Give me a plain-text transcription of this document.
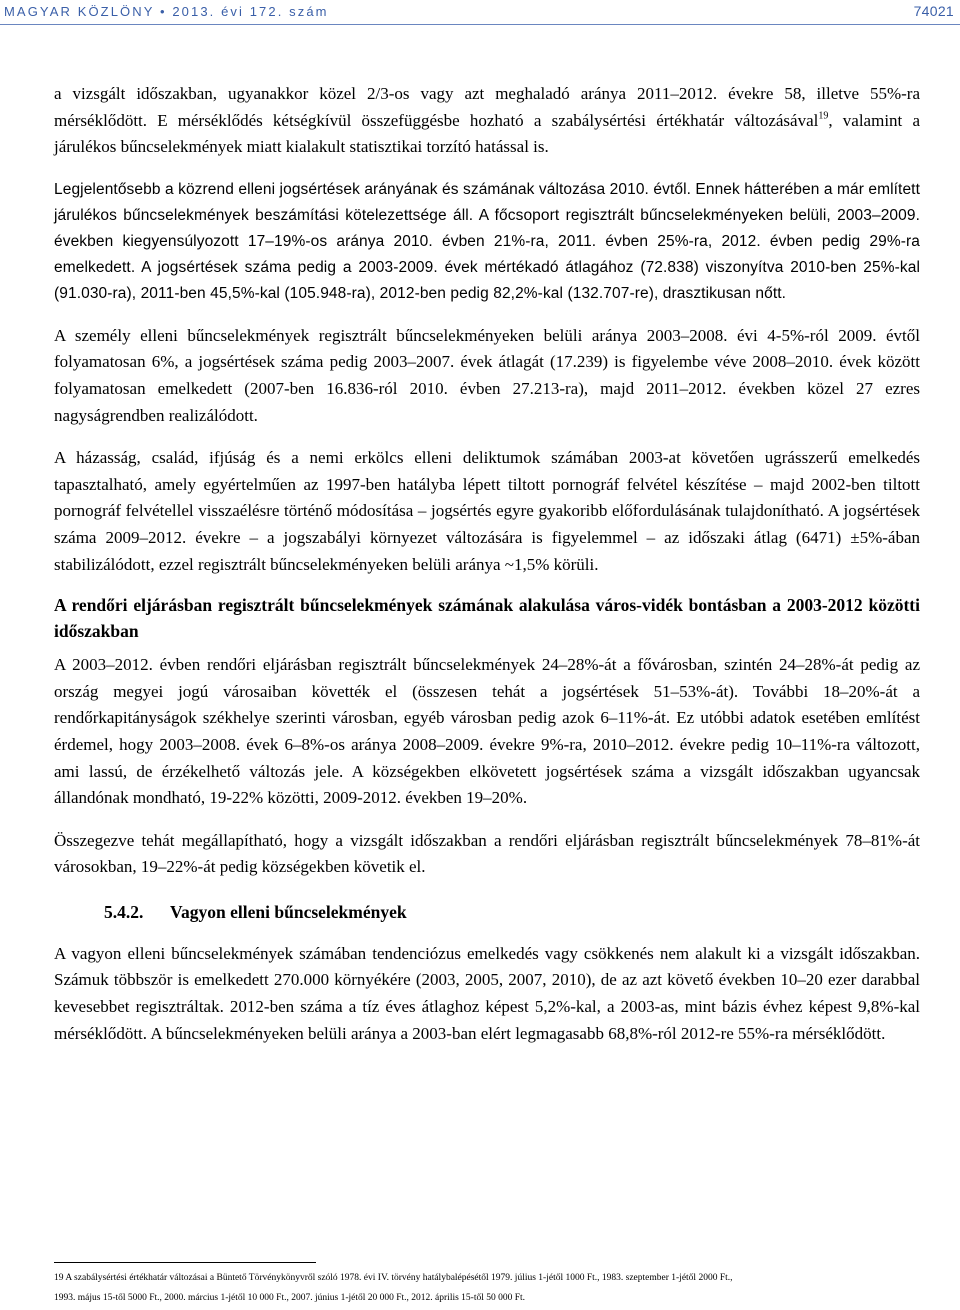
MAGYAR KÖZLÖNY • 2013. évi 172. szám	74021

a vizsgált időszakban, ugyanakkor közel 2/3-os vagy azt meghaladó aránya 2011–2012. évekre 58, illetve 55%-ra mérséklődött. E mérséklődés kétségkívül összefüggésbe hozható a szabálysértési értékhatár változásával$^{19}$, valamint a járulékos bűncselekmények miatt kialakult statisztikai torzító hatással is.

Legjelentősebb a közrend elleni jogsértések arányának és számának változása 2010. évtől. Ennek hátterében a már említett járulékos bűncselekmények beszámítási kötelezettsége áll. A főcsoport regisztrált bűncselekményeken belüli, 2003–2009. években kiegyensúlyozott 17–19%-os aránya 2010. évben 21%-ra, 2011. évben 25%-ra, 2012. évben pedig 29%-ra emelkedett. A jogsértések száma pedig a 2003-2009. évek mértékadó átlagához (72.838) viszonyítva 2010-ben 25%-kal (91.030-ra), 2011-ben 45,5%-kal (105.948-ra), 2012-ben pedig 82,2%-kal (132.707-re), drasztikusan nőtt.

A személy elleni bűncselekmények regisztrált bűncselekményeken belüli aránya 2003–2008. évi 4-5%-ról 2009. évtől folyamatosan 6%, a jogsértések száma pedig 2003–2007. évek átlagát (17.239) is figyelembe véve 2008–2010. évek között folyamatosan emelkedett (2007-ben 16.836-ról 2010. évben 27.213-ra), majd 2011–2012. években közel 27 ezres nagyságrendben realizálódott.

A házasság, család, ifjúság és a nemi erkölcs elleni deliktumok számában 2003-at követően ugrásszerű emelkedés tapasztalható, amely egyértelműen az 1997-ben hatályba lépett tiltott pornográf felvétel készítése – majd 2002-ben tiltott pornográf felvétellel visszaélésre történő módosítása – jogsértés egyre gyakoribb előfordulásának tulajdonítható. A jogsértések száma 2009–2012. évekre – a jogszabályi környezet változására is figyelemmel – az időszaki átlag (6471) ±5%-ában stabilizálódott, ezzel regisztrált bűncselekményeken belüli aránya ~1,5% körüli.

A rendőri eljárásban regisztrált bűncselekmények számának alakulása város-vidék bontásban a 2003-2012 közötti időszakban

A 2003–2012. évben rendőri eljárásban regisztrált bűncselekmények 24–28%-át a fővárosban, szintén 24–28%-át pedig az ország megyei jogú városaiban követték el (összesen tehát a jogsértések 51–53%-át). További 18–20%-át a rendőrkapitányságok székhelye szerinti városban, egyéb városban pedig azok 6–11%-át. Ez utóbbi adatok esetében említést érdemel, hogy 2003–2008. évek 6–8%-os aránya 2008–2009. évekre 9%-ra, 2010–2012. évekre pedig 10–11%-ra változott, ami lassú, de érzékelhető változás jele. A községekben elkövetett jogsértések száma a vizsgált időszakban ugyancsak állandónak mondható, 19-22% közötti, 2009-2012. években 19–20%.

Összegezve tehát megállapítható, hogy a vizsgált időszakban a rendőri eljárásban regisztrált bűncselekmények 78–81%-át városokban, 19–22%-át pedig községekben követik el.

5.4.2. Vagyon elleni bűncselekmények

A vagyon elleni bűncselekmények számában tendenciózus emelkedés vagy csökkenés nem alakult ki a vizsgált időszakban. Számuk többször is emelkedett 270.000 környékére (2003, 2005, 2007, 2010), de az azt követő években 10–20 ezer darabbal kevesebbet regisztráltak. 2012-ben száma a tíz éves átlaghoz képest 5,2%-kal, a 2003-as, mint bázis évhez képest 9,8%-kal mérséklődött. A bűncselekményeken belüli aránya a 2003-ban elért legmagasabb 68,8%-ról 2012-re 55%-ra mérséklődött.

19 A szabálysértési értékhatár változásai a Büntető Törvénykönyvről szóló 1978. évi IV. törvény hatálybalépésétől 1979. július 1-jétől 1000 Ft., 1983. szeptember 1-jétől 2000 Ft.,
1993. május 15-től 5000 Ft., 2000. március 1-jétől 10 000 Ft., 2007. június 1-jétől 20 000 Ft., 2012. április 15-től 50 000 Ft.
